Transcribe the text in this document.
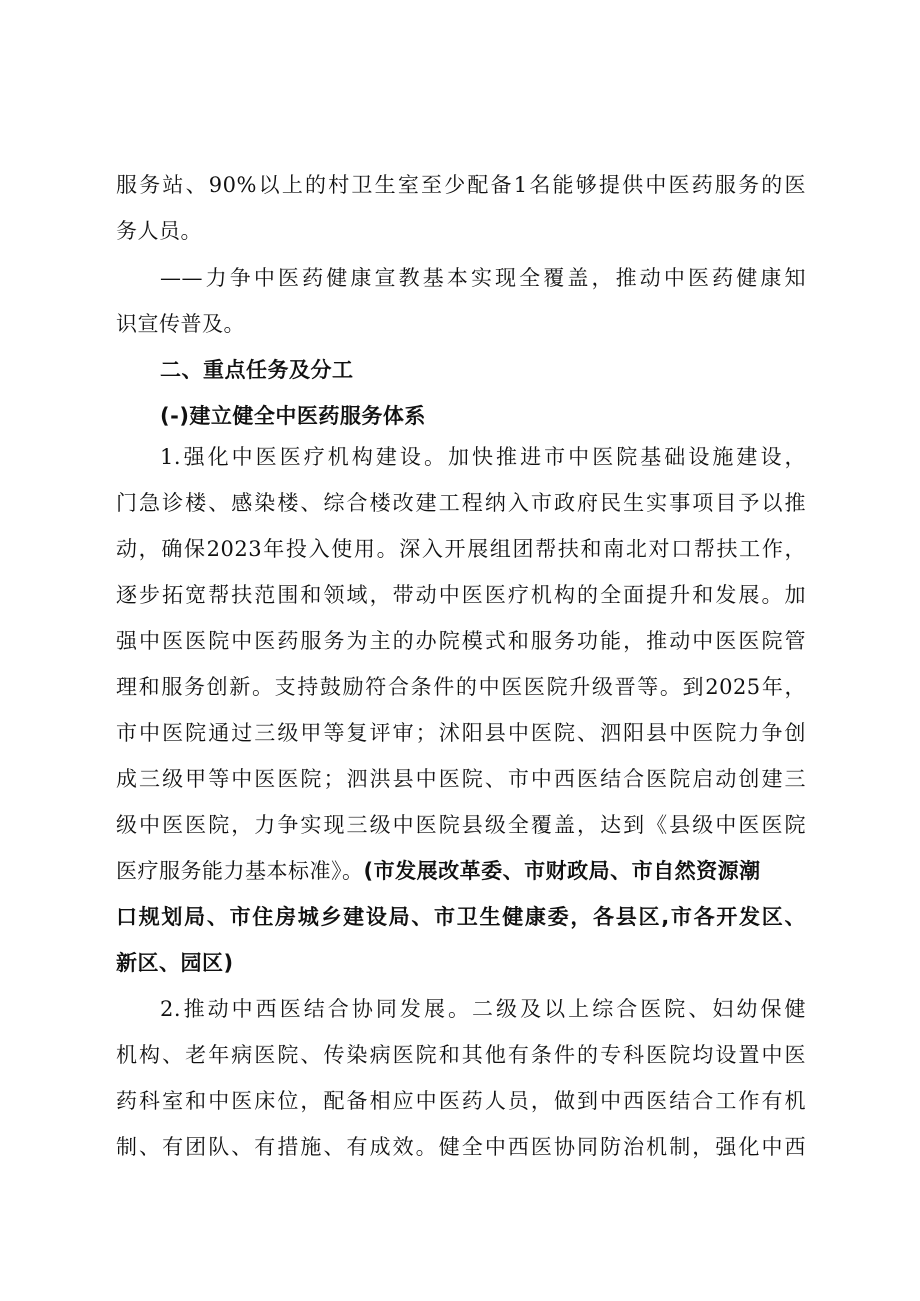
服务站、90%以上的村卫生室至少配备1名能够提供中医药服务的医
务人员。
——力争中医药健康宣教基本实现全覆盖，推动中医药健康知
识宣传普及。
二、重点任务及分工
(-)建立健全中医药服务体系
1.强化中医医疗机构建设。加快推进市中医院基础设施建设，
门急诊楼、感染楼、综合楼改建工程纳入市政府民生实事项目予以推
动，确保2023年投入使用。深入开展组团帮扶和南北对口帮扶工作，
逐步拓宽帮扶范围和领域，带动中医医疗机构的全面提升和发展。加
强中医医院中医药服务为主的办院模式和服务功能，推动中医医院管
理和服务创新。支持鼓励符合条件的中医医院升级晋等。到2025年，
市中医院通过三级甲等复评审；沭阳县中医院、泗阳县中医院力争创
成三级甲等中医医院；泗洪县中医院、市中西医结合医院启动创建三
级中医医院，力争实现三级中医院县级全覆盖，达到《县级中医医院
医疗服务能力基本标准》。(市发展改革委、市财政局、市自然资源潮
口规划局、市住房城乡建设局、市卫生健康委，各县区,市各开发区、
新区、园区)
2.推动中西医结合协同发展。二级及以上综合医院、妇幼保健
机构、老年病医院、传染病医院和其他有条件的专科医院均设置中医
药科室和中医床位，配备相应中医药人员，做到中西医结合工作有机
制、有团队、有措施、有成效。健全中西医协同防治机制，强化中西
